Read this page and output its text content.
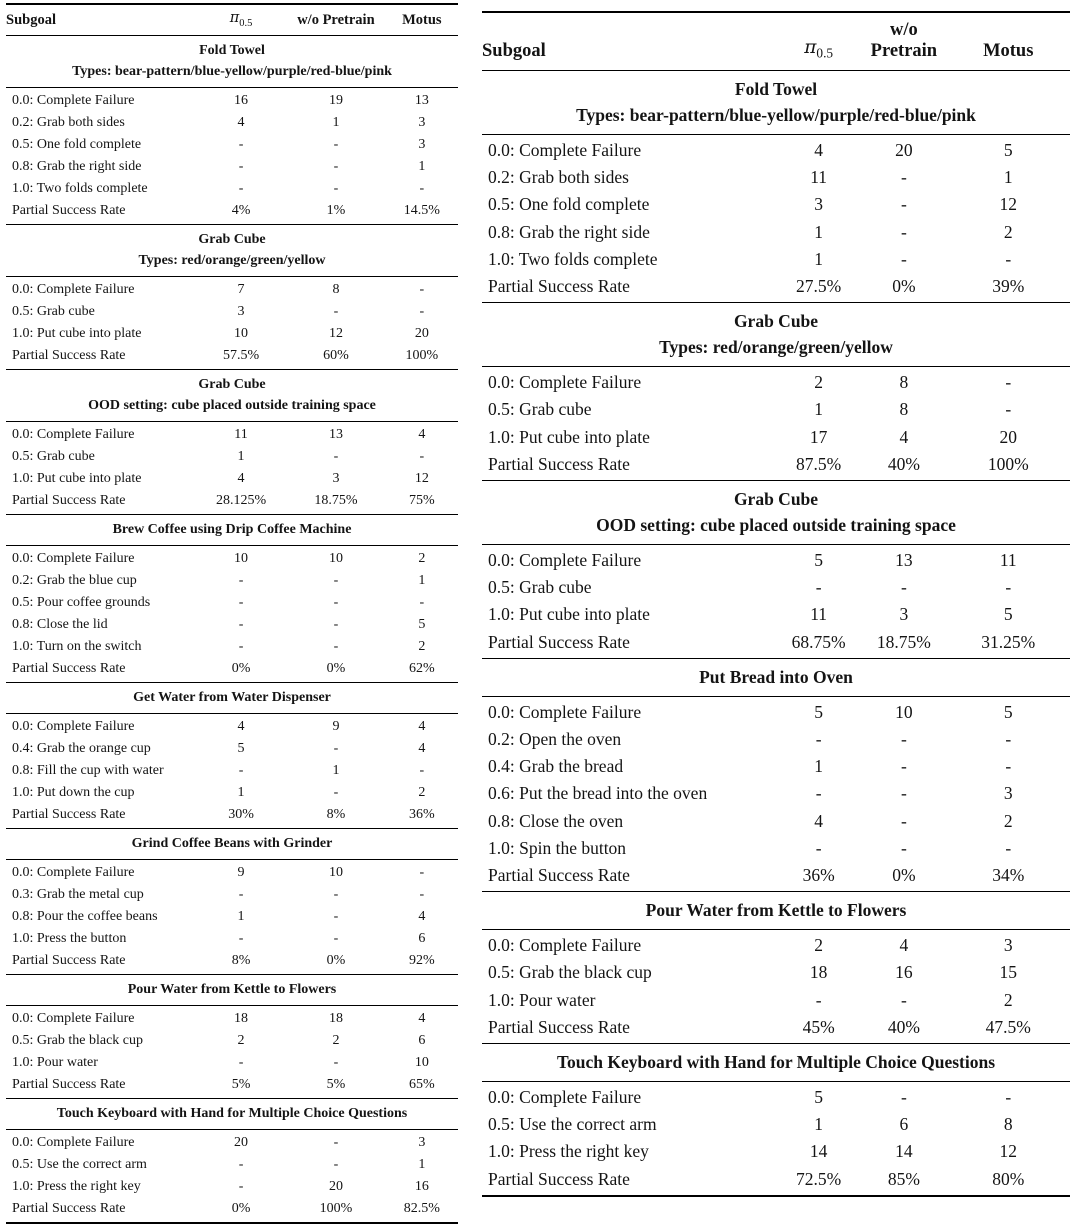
Subgoal	$\pi_{0.5}$	w/o Pretrain	Motus
Fold Towel
Types: bear-pattern/blue-yellow/purple/red-blue/pink			
0.0: Complete Failure	16	19	13
0.2: Grab both sides	4	1	3
0.5: One fold complete	-	-	3
0.8: Grab the right side	-	-	1
1.0: Two folds complete	-	-	-
Partial Success Rate	4%	1%	14.5%
Grab Cube
Types: red/orange/green/yellow			
0.0: Complete Failure	7	8	-
0.5: Grab cube	3	-	-
1.0: Put cube into plate	10	12	20
Partial Success Rate	57.5%	60%	100%
Grab Cube
OOD setting: cube placed outside training space			
0.0: Complete Failure	11	13	4
0.5: Grab cube	1	-	-
1.0: Put cube into plate	4	3	12
Partial Success Rate	28.125%	18.75%	75%
Brew Coffee using Drip Coffee Machine			
0.0: Complete Failure	10	10	2
0.2: Grab the blue cup	-	-	1
0.5: Pour coffee grounds	-	-	-
0.8: Close the lid	-	-	5
1.0: Turn on the switch	-	-	2
Partial Success Rate	0%	0%	62%
Get Water from Water Dispenser			
0.0: Complete Failure	4	9	4
0.4: Grab the orange cup	5	-	4
0.8: Fill the cup with water	-	1	-
1.0: Put down the cup	1	-	2
Partial Success Rate	30%	8%	36%
Grind Coffee Beans with Grinder			
0.0: Complete Failure	9	10	-
0.3: Grab the metal cup	-	-	-
0.8: Pour the coffee beans	1	-	4
1.0: Press the button	-	-	6
Partial Success Rate	8%	0%	92%
Pour Water from Kettle to Flowers			
0.0: Complete Failure	18	18	4
0.5: Grab the black cup	2	2	6
1.0: Pour water	-	-	10
Partial Success Rate	5%	5%	65%
Touch Keyboard with Hand for Multiple Choice Questions			
0.0: Complete Failure	20	-	3
0.5: Use the correct arm	-	-	1
1.0: Press the right key	-	20	16
Partial Success Rate	0%	100%	82.5%
Subgoal	$\pi_{0.5}$	w/o Pretrain	Motus
Fold Towel
Types: bear-pattern/blue-yellow/purple/red-blue/pink			
0.0: Complete Failure	4	20	5
0.2: Grab both sides	11	-	1
0.5: One fold complete	3	-	12
0.8: Grab the right side	1	-	2
1.0: Two folds complete	1	-	-
Partial Success Rate	27.5%	0%	39%
Grab Cube
Types: red/orange/green/yellow			
0.0: Complete Failure	2	8	-
0.5: Grab cube	1	8	-
1.0: Put cube into plate	17	4	20
Partial Success Rate	87.5%	40%	100%
Grab Cube
OOD setting: cube placed outside training space			
0.0: Complete Failure	5	13	11
0.5: Grab cube	-	-	-
1.0: Put cube into plate	11	3	5
Partial Success Rate	68.75%	18.75%	31.25%
Put Bread into Oven			
0.0: Complete Failure	5	10	5
0.2: Open the oven	-	-	-
0.4: Grab the bread	1	-	-
0.6: Put the bread into the oven	-	-	3
0.8: Close the oven	4	-	2
1.0: Spin the button	-	-	-
Partial Success Rate	36%	0%	34%
Pour Water from Kettle to Flowers			
0.0: Complete Failure	2	4	3
0.5: Grab the black cup	18	16	15
1.0: Pour water	-	-	2
Partial Success Rate	45%	40%	47.5%
Touch Keyboard with Hand for Multiple Choice Questions			
0.0: Complete Failure	5	-	-
0.5: Use the correct arm	1	6	8
1.0: Press the right key	14	14	12
Partial Success Rate	72.5%	85%	80%
